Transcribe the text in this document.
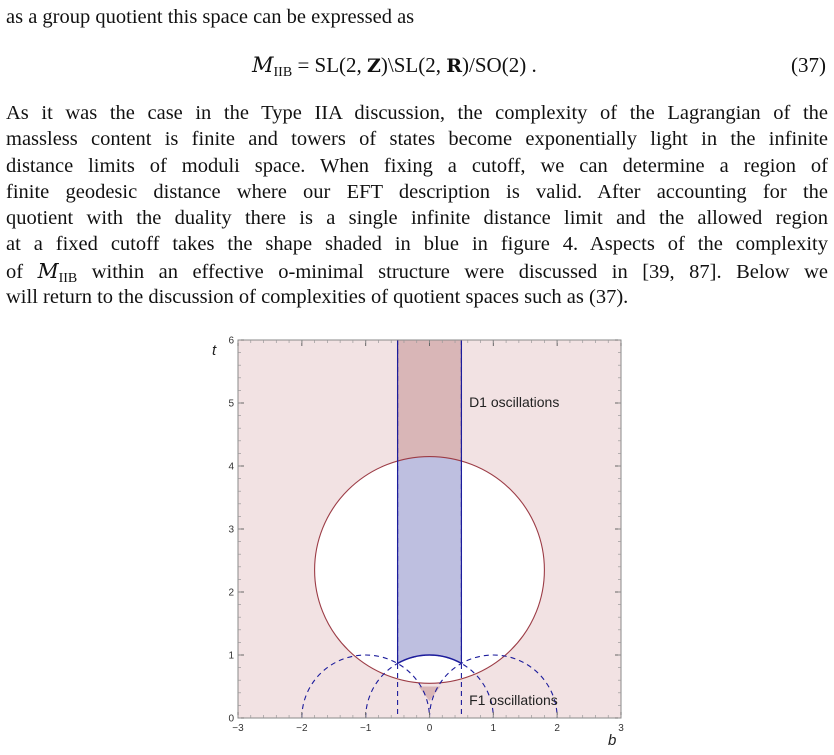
as a group quotient this space can be expressed as
$M_{IIB} = SL(2$, Z)\SL(2, R)/SO(2) .	(37)
As it was the case in the Type IIA discussion, the complexity of the Lagrangian of the
massless content is finite and towers of states become exponentially light in the infinite
distance limits of moduli space. When fixing a cutoff, we can determine a region of
finite geodesic distance where our EFT description is valid. After accounting for the
quotient with the duality there is a single infinite distance limit and the allowed region
at a fixed cutoff takes the shape shaded in blue in figure 4. Aspects of the complexity
of $M_{IIB}$ within an effective o-minimal structure were discussed in [39, 87]. Below we
will return to the discussion of complexities of quotient spaces such as (37).
−3	−2	−1	0	1	2	3
0
1
2
3
4
5
6
b
t
D1 oscillations
F1 oscillations
